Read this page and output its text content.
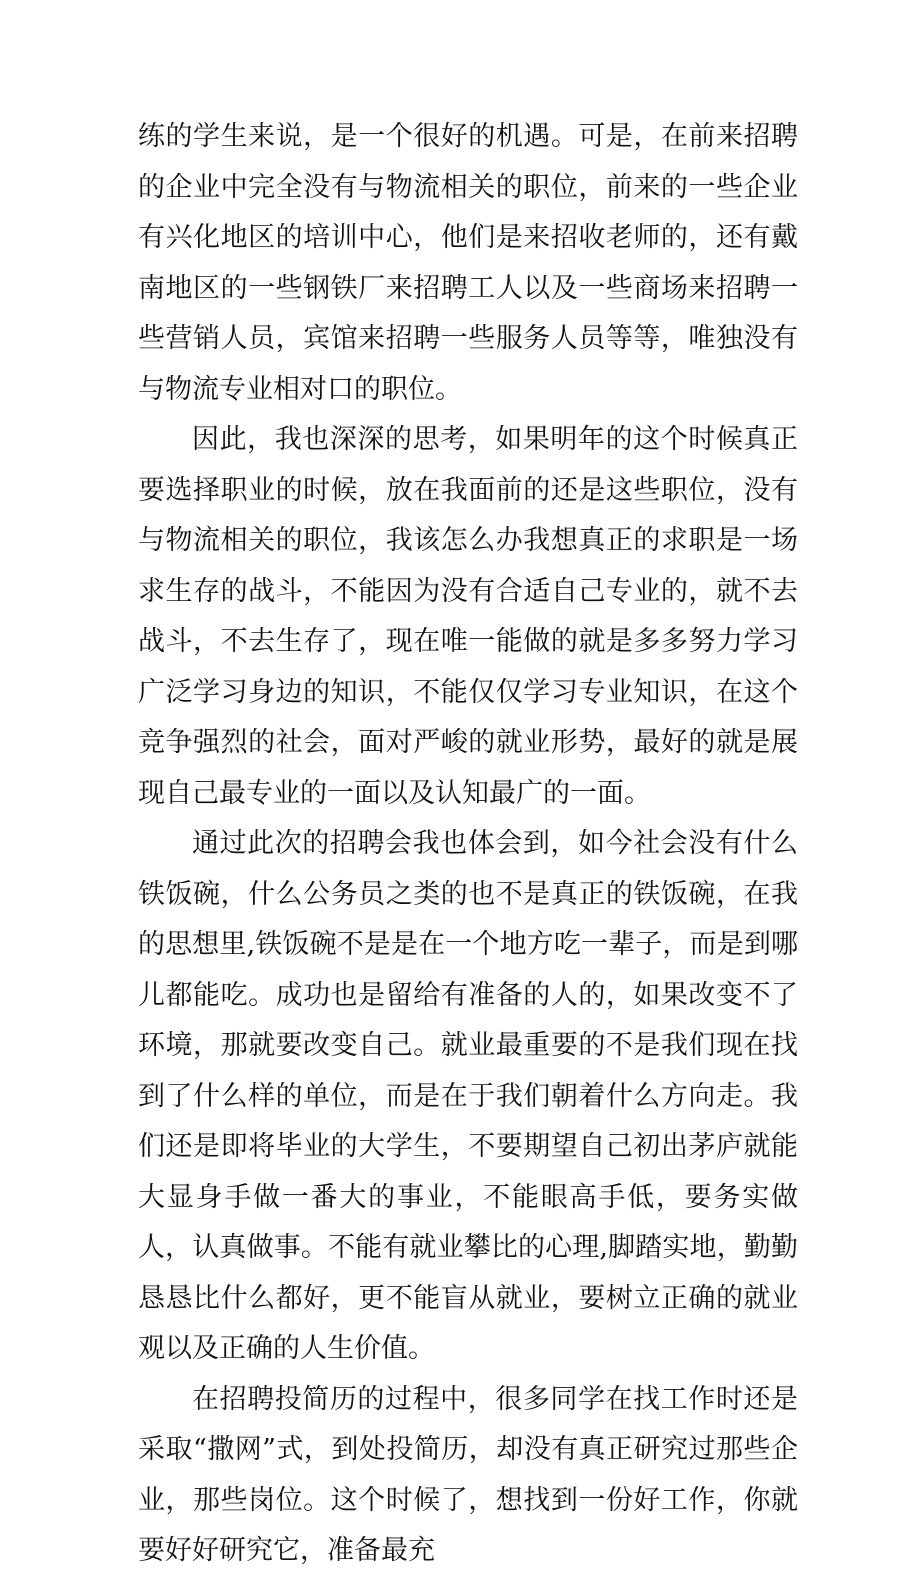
练的学生来说，是一个很好的机遇。可是，在前来招聘的企业中完全没有与物流相关的职位，前来的一些企业有兴化地区的培训中心，他们是来招收老师的，还有戴南地区的一些钢铁厂来招聘工人以及一些商场来招聘一些营销人员，宾馆来招聘一些服务人员等等，唯独没有与物流专业相对口的职位。

因此，我也深深的思考，如果明年的这个时候真正要选择职业的时候，放在我面前的还是这些职位，没有与物流相关的职位，我该怎么办我想真正的求职是一场求生存的战斗，不能因为没有合适自己专业的，就不去战斗，不去生存了，现在唯一能做的就是多多努力学习广泛学习身边的知识，不能仅仅学习专业知识，在这个竞争强烈的社会，面对严峻的就业形势，最好的就是展现自己最专业的一面以及认知最广的一面。

通过此次的招聘会我也体会到，如今社会没有什么铁饭碗，什么公务员之类的也不是真正的铁饭碗，在我的思想里,铁饭碗不是是在一个地方吃一辈子，而是到哪儿都能吃。成功也是留给有准备的人的，如果改变不了环境，那就要改变自己。就业最重要的不是我们现在找到了什么样的单位，而是在于我们朝着什么方向走。我们还是即将毕业的大学生，不要期望自己初出茅庐就能大显身手做一番大的事业，不能眼高手低，要务实做人，认真做事。不能有就业攀比的心理,脚踏实地，勤勤恳恳比什么都好，更不能盲从就业，要树立正确的就业观以及正确的人生价值。

在招聘投简历的过程中，很多同学在找工作时还是采取“撒网”式，到处投简历，却没有真正研究过那些企业，那些岗位。这个时候了，想找到一份好工作，你就要好好研究它，准备最充
